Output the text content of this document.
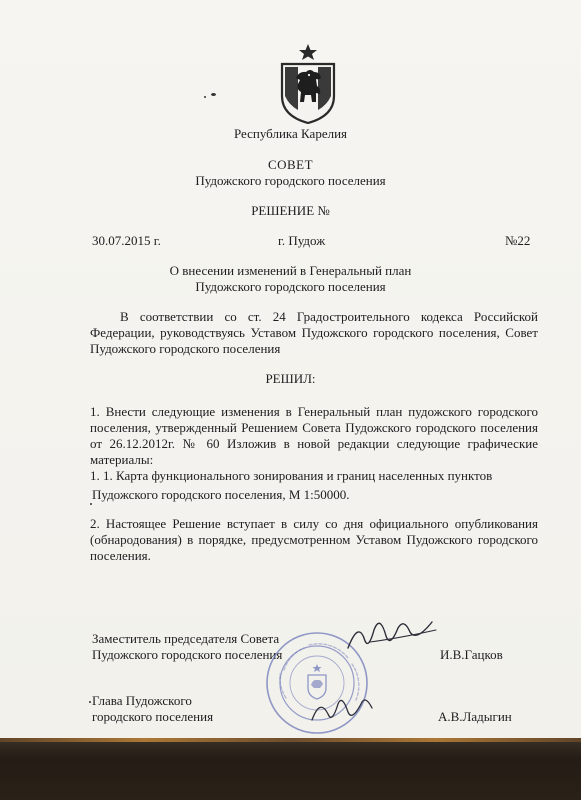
Республика Карелия
СОВЕТ
Пудожского городского поселения
РЕШЕНИЕ №
30.07.2015 г.	г. Пудож	№22
О внесении изменений в Генеральный план
Пудожского городского поселения
В соответствии со ст. 24 Градостроительного кодекса Российской Федерации, руководствуясь Уставом Пудожского городского поселения, Совет Пудожского городского поселения
РЕШИЛ:
1. Внести следующие изменения в Генеральный план пудожского городского поселения, утвержденный Решением Совета Пудожского городского поселения от 26.12.2012г. № 60 Изложив в новой редакции следующие графические материалы:
1. 1. Карта функционального зонирования и границ населенных пунктов
Пудожского городского поселения, М 1:50000.
2. Настоящее Решение вступает в силу со дня официального опубликования (обнародования) в порядке, предусмотренном Уставом Пудожского городского поселения.
Заместитель председателя Совета
Пудожского городского поселения	И.В.Гацков
Глава Пудожского
городского поселения	А.В.Ладыгин
